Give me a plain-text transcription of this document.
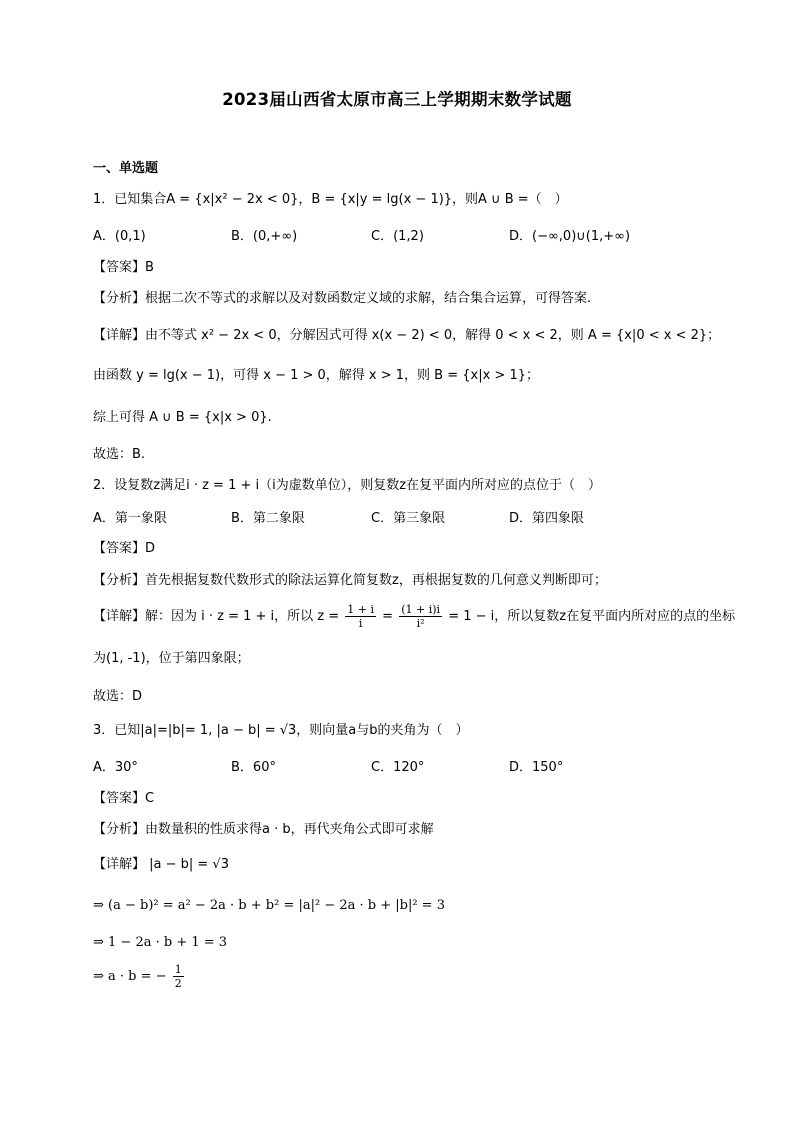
2023届山西省太原市高三上学期期末数学试题
一、单选题
1．已知集合A = {x|x² − 2x < 0}，B = {x|y = lg(x − 1)}，则A ∪ B =（　）
A．(0,1)	B．(0,+∞)	C．(1,2)	D．(−∞,0)∪(1,+∞)
【答案】B
【分析】根据二次不等式的求解以及对数函数定义域的求解，结合集合运算，可得答案.
【详解】由不等式 x² − 2x < 0，分解因式可得 x(x − 2) < 0，解得 0 < x < 2，则 A = {x|0 < x < 2}；
由函数 y = lg(x − 1)，可得 x − 1 > 0，解得 x > 1，则 B = {x|x > 1}；
综上可得 A ∪ B = {x|x > 0}.
故选：B.
2．设复数z满足i · z = 1 + i（i为虚数单位），则复数z在复平面内所对应的点位于（　）
A．第一象限	B．第二象限	C．第三象限	D．第四象限
【答案】D
【分析】首先根据复数代数形式的除法运算化简复数z，再根据复数的几何意义判断即可；
【详解】解：因为 i · z = 1 + i，所以 $z = \frac{1 + i}{i} = \frac{(1 + i)i}{\text{i²}} = 1 - i$，所以复数z在复平面内所对应的点的坐标
为(1, -1)，位于第四象限；
故选：D
3．已知|a|=|b|= 1, |a − b| = √3，则向量a与b的夹角为（　）
A．30°	B．60°	C．120°	D．150°
【答案】C
【分析】由数量积的性质求得a · b，再代夹角公式即可求解
【详解】 |a − b| = √3
⇒ (a − b)² = a² − 2a · b + b² = |a|² − 2a · b + |b|² = 3
⇒ 1 − 2a · b + 1 = 3
⇒ a · b = − $\frac{1}{2}$
